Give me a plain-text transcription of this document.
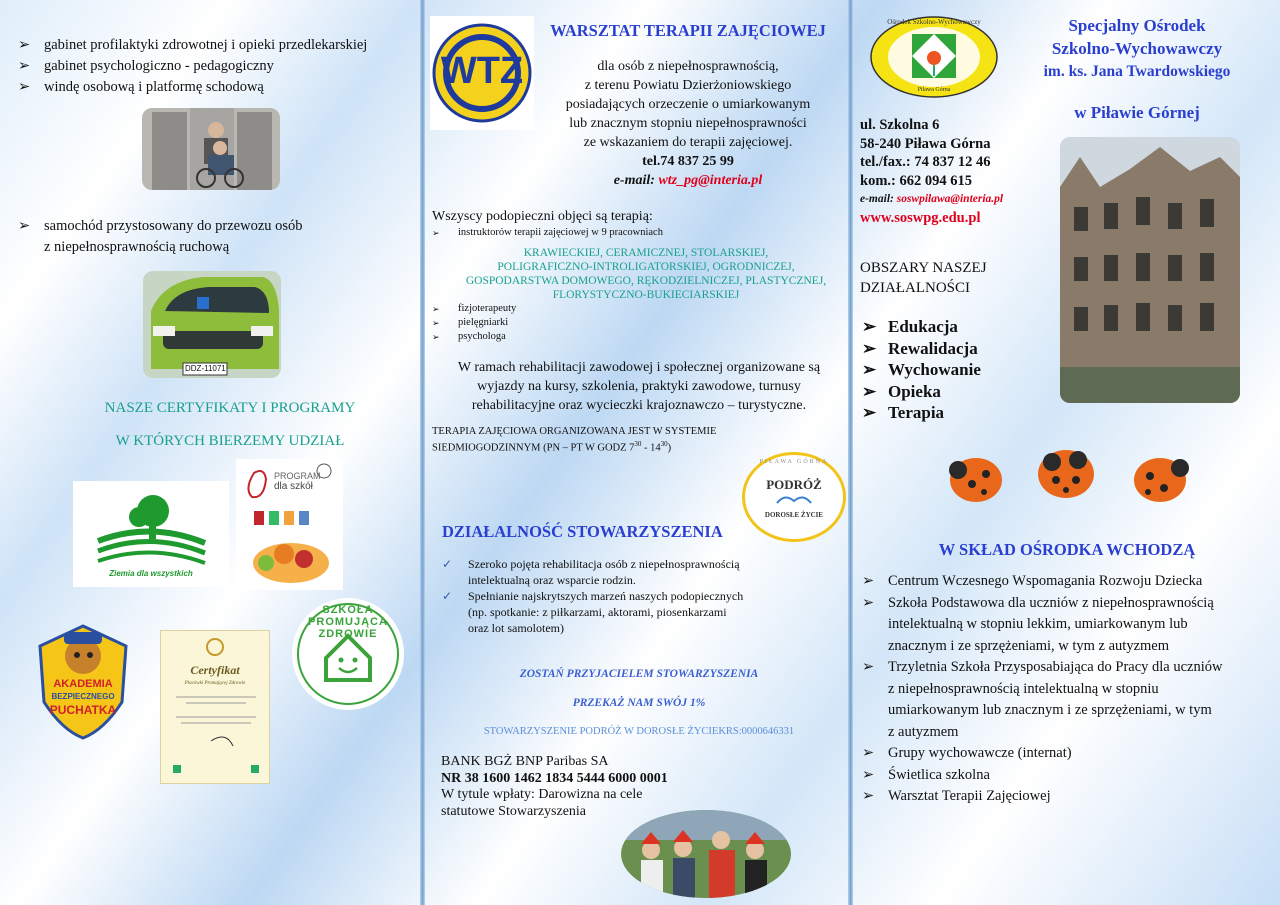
➢ gabinet profilaktyki zdrowotnej i opieki przedlekarskiej
➢ gabinet psychologiczno - pedagogiczny
➢ windę osobową i platformę schodową
➢ samochód przystosowany do przewozu osób
z niepełnosprawnością ruchową
DDZ-11071
NASZE CERTYFIKATY I PROGRAMY
W KTÓRYCH BIERZEMY UDZIAŁ
Ziemia dla wszystkich
PROGRAM
dla szkół
AKADEMIA
BEZPIECZNEGO
PUCHATKA
Certyfikat
Placówki Promującej Zdrowie
SZKOŁA PROMUJĄCA ZDROWIE
WTZ
WARSZTAT TERAPII ZAJĘCIOWEJ
dla osób z niepełnosprawnością,
z terenu Powiatu Dzierżoniowskiego
posiadających orzeczenie o umiarkowanym
lub znacznym stopniu niepełnosprawności
ze wskazaniem do terapii zajęciowej.
tel.74 837 25 99
e-mail: wtz_pg@interia.pl
Wszyscy podopieczni objęci są terapią:
➢ instruktorów terapii zajęciowej w 9 pracowniach
KRAWIECKIEJ, CERAMICZNEJ, STOLARSKIEJ,
POLIGRAFICZNO-INTROLIGATORSKIEJ, OGRODNICZEJ,
GOSPODARSTWA DOMOWEGO, RĘKODZIELNICZEJ, PLASTYCZNEJ,
FLORYSTYCZNO-BUKIECIARSKIEJ
➢ fizjoterapeuty
➢ pielęgniarki
➢ psychologa
W ramach rehabilitacji zawodowej i społecznej organizowane są
wyjazdy na kursy, szkolenia, praktyki zawodowe, turnusy
rehabilitacyjne oraz wycieczki krajoznawczo – turystyczne.
TERAPIA ZAJĘCIOWA ORGANIZOWANA JEST W SYSTEMIE
SIEDMIOGODZINNYM (PN – PT W GODZ $7^{30} - 14^{30}$)
PIŁAWA GÓRNA
PODRÓŻ
DOROSŁE ŻYCIE
DZIAŁALNOŚĆ STOWARZYSZENIA
✓ Szeroko pojęta rehabilitacja osób z niepełnosprawnością
intelektualną oraz wsparcie rodzin.
✓ Spełnianie najskrytszych marzeń naszych podopiecznych
(np. spotkanie: z piłkarzami, aktorami, piosenkarzami
oraz lot samolotem)
ZOSTAŃ PRZYJACIELEM STOWARZYSZENIA
PRZEKAŻ NAM SWÓJ 1%
STOWARZYSZENIE PODRÓŻ W DOROSŁE ŻYCIEKRS:0000646331
BANK BGŻ BNP Paribas SA
NR 38 1600 1462 1834 5444 6000 0001
W tytule wpłaty: Darowizna na cele
statutowe Stowarzyszenia
Ośrodek Szkolno-Wychowawczy
Piława Górna
Specjalny Ośrodek
Szkolno-Wychowawczy
im. ks. Jana Twardowskiego
w Piławie Górnej
ul. Szkolna 6
58-240 Piława Górna
tel./fax.: 74 837 12 46
kom.: 662 094 615
e-mail: soswpilawa@interia.pl
www.soswpg.edu.pl
OBSZARY NASZEJ
DZIAŁALNOŚCI
➢ Edukacja
➢ Rewalidacja
➢ Wychowanie
➢ Opieka
➢ Terapia
W SKŁAD OŚRODKA WCHODZĄ
➢ Centrum Wczesnego Wspomagania Rozwoju Dziecka
➢ Szkoła Podstawowa dla uczniów z niepełnosprawnością
intelektualną w stopniu lekkim, umiarkowanym lub
znacznym i ze sprzężeniami, w tym z autyzmem
➢ Trzyletnia Szkoła Przysposabiająca do Pracy dla uczniów
z niepełnosprawnością intelektualną w stopniu
umiarkowanym lub znacznym i ze sprzężeniami, w tym
z autyzmem
➢ Grupy wychowawcze (internat)
➢ Świetlica szkolna
➢ Warsztat Terapii Zajęciowej
